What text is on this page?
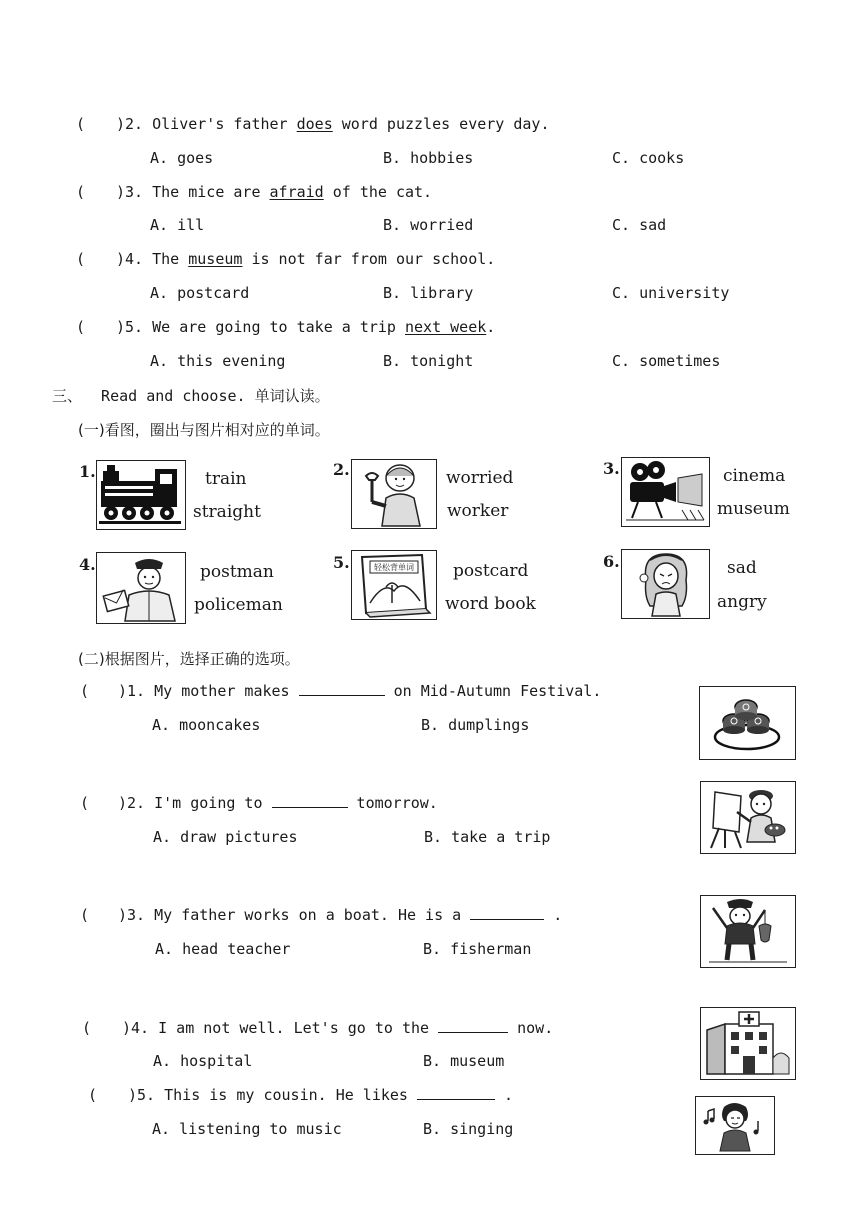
( )2. Oliver's father does word puzzles every day.
A. goes	B. hobbies	C. cooks
( )3. The mice are afraid of the cat.
A. ill	B. worried	C. sad
( )4. The museum is not far from our school.
A. postcard	B. library	C. university
( )5. We are going to take a trip next week.
A. this evening	B. tonight	C. sometimes
三、 Read and choose. 单词认读。
(一)看图，圈出与图片相对应的单词。
1.	train
straight
2.	worried
worker
3.	cinema
museum
4.	postman
policeman
5.	轻松背单词 postcard
word book
6.	sad
angry
(二)根据图片，选择正确的选项。
( )1. My mother makes	on Mid-Autumn Festival.
A. mooncakes	B. dumplings
( )2. I'm going to	tomorrow.
A. draw pictures	B. take a trip
( )3. My father works on a boat. He is a	.
A. head teacher	B. fisherman
( )4. I am not well. Let's go to the	now.
A. hospital	B. museum
( )5. This is my cousin. He likes	.
A. listening to music	B. singing
